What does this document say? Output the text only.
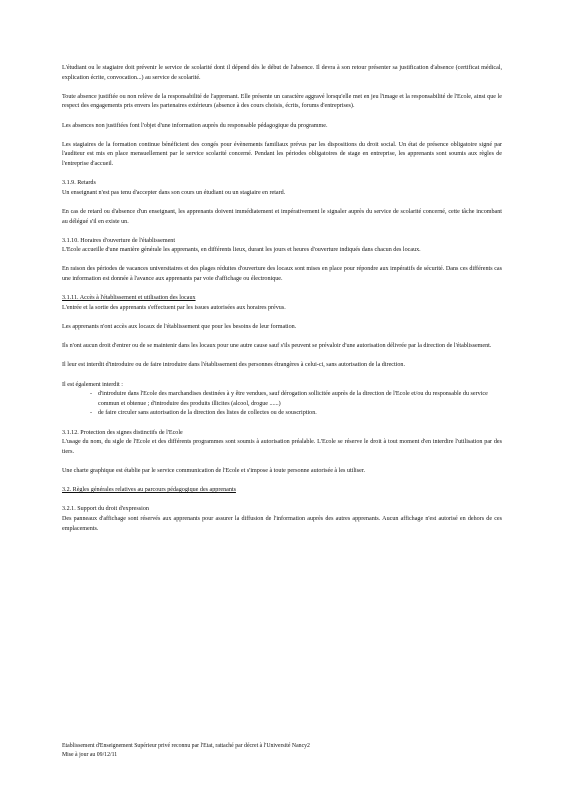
L'étudiant ou le stagiaire doit prévenir le service de scolarité dont il dépend dès le début de l'absence. Il devra à son retour présenter sa justification d'absence (certificat médical, explication écrite, convocation...) au service de scolarité.

Toute absence justifiée ou non relève de la responsabilité de l'apprenant. Elle présente un caractère aggravé lorsqu'elle met en jeu l'image et la responsabilité de l'Ecole, ainsi que le respect des engagements pris envers les partenaires extérieurs (absence à des cours choisis, écrits, forums d'entreprises).

Les absences non justifiées font l'objet d'une information auprès du responsable pédagogique du programme.

Les stagiaires de la formation continue bénéficient des congés pour évènements familiaux prévus par les dispositions du droit social. Un état de présence obligatoire signé par l'auditeur est mis en place mensuellement par le service scolarité concerné. Pendant les périodes obligatoires de stage en entreprise, les apprenants sont soumis aux règles de l'entreprise d'accueil.

3.1.9. Retards

Un enseignant n'est pas tenu d'accepter dans son cours un étudiant ou un stagiaire en retard.

En cas de retard ou d'absence d'un enseignant, les apprenants doivent immédiatement et impérativement le signaler auprès du service de scolarité concerné, cette tâche incombant au délégué s'il en existe un.

3.1.10. Horaires d'ouverture de l'établissement

L'Ecole accueille d'une manière générale les apprenants, en différents lieux, durant les jours et heures d'ouverture indiqués dans chacun des locaux.

En raison des périodes de vacances universitaires et des plages réduites d'ouverture des locaux sont mises en place pour répondre aux impératifs de sécurité. Dans ces différents cas une information est donnée à l'avance aux apprenants par voie d'affichage ou électronique.

3.1.11. Accès à l'établissement et utilisation des locaux

L'entrée et la sortie des apprenants s'effectuent par les issues autorisées aux horaires prévus.

Les apprenants n'ont accès aux locaux de l'établissement que pour les besoins de leur formation.

Ils n'ont aucun droit d'entrer ou de se maintenir dans les locaux pour une autre cause sauf s'ils peuvent se prévaloir d'une autorisation délivrée par la direction de l'établissement.

Il leur est interdit d'introduire ou de faire introduire dans l'établissement des personnes étrangères à celui-ci, sans autorisation de la direction.

Il est également interdit :

- d'introduire dans l'Ecole des marchandises destinées à y être vendues, sauf dérogation sollicitée auprès de la direction de l'Ecole et/ou du responsable du service commun et obtenue ; d'introduire des produits illicites (alcool, drogue ......)
- de faire circuler sans autorisation de la direction des listes de collectes ou de souscription.

3.1.12. Protection des signes distinctifs de l'Ecole

L'usage du nom, du sigle de l'Ecole et des différents programmes sont soumis à autorisation préalable. L'Ecole se réserve le droit à tout moment d'en interdire l'utilisation par des tiers.

Une charte graphique est établie par le service communication de l'Ecole et s'impose à toute personne autorisée à les utiliser.

3.2. Règles générales relatives au parcours pédagogique des apprenants

3.2.1. Support du droit d'expression

Des panneaux d'affichage sont réservés aux apprenants pour assurer la diffusion de l'information auprès des autres apprenants. Aucun affichage n'est autorisé en dehors de ces emplacements.

Etablissement d'Enseignement Supérieur privé reconnu par l'Etat, rattaché par décret à l'Université Nancy2
Mise à jour au 09/12/11
